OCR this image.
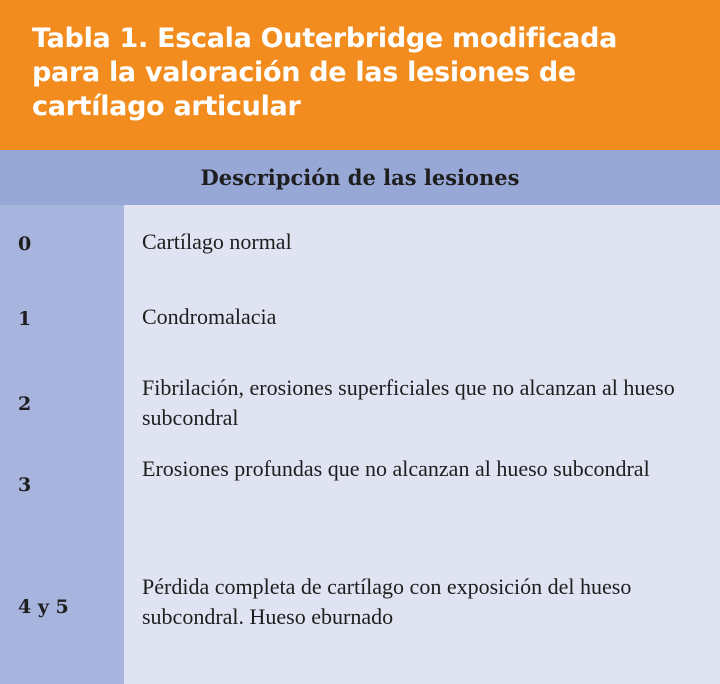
Tabla 1. Escala Outerbridge modificada para la valoración de las lesiones de cartílago articular
Descripción de las lesiones
0	Cartílago normal
1	Condromalacia
2
Fibrilación, erosiones superficiales que no alcanzan al hueso subcondral
3
Erosiones profundas que no alcanzan al hueso subcondral
4 y 5
Pérdida completa de cartílago con exposición del hueso subcondral. Hueso eburnado
